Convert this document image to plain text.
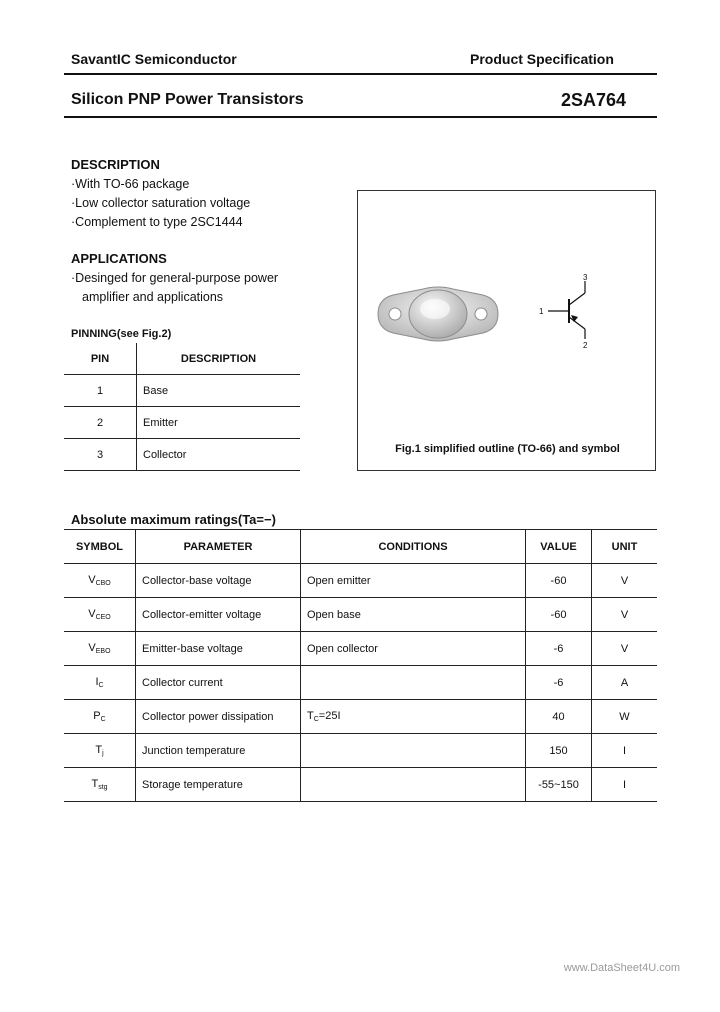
SavantIC Semiconductor	Product Specification
Silicon PNP Power Transistors	2SA764
DESCRIPTION
·With TO-66 package
·Low collector saturation voltage
·Complement to type 2SC1444
APPLICATIONS
·Desinged for general-purpose power
amplifier and applications
PINNING(see Fig.2)
PIN	DESCRIPTION
1	Base
2	Emitter
3	Collector
1
3
2
Fig.1 simplified outline (TO-66) and symbol
Absolute maximum ratings(Ta=−)
SYMBOL	PARAMETER	CONDITIONS	VALUE	UNIT
$V_{CBO}$	Collector-base voltage	Open emitter	-60	V
$V_{CEO}$	Collector-emitter voltage	Open base	-60	V
$V_{EBO}$	Emitter-base voltage	Open collector	-6	V
$I_C$	Collector current		-6	A
$P_C$	Collector power dissipation	$T_C=25I$	40	W
$T_j$	Junction temperature		150	I
$T_{stg}$	Storage temperature		-55~150	I
www.DataSheet4U.com
